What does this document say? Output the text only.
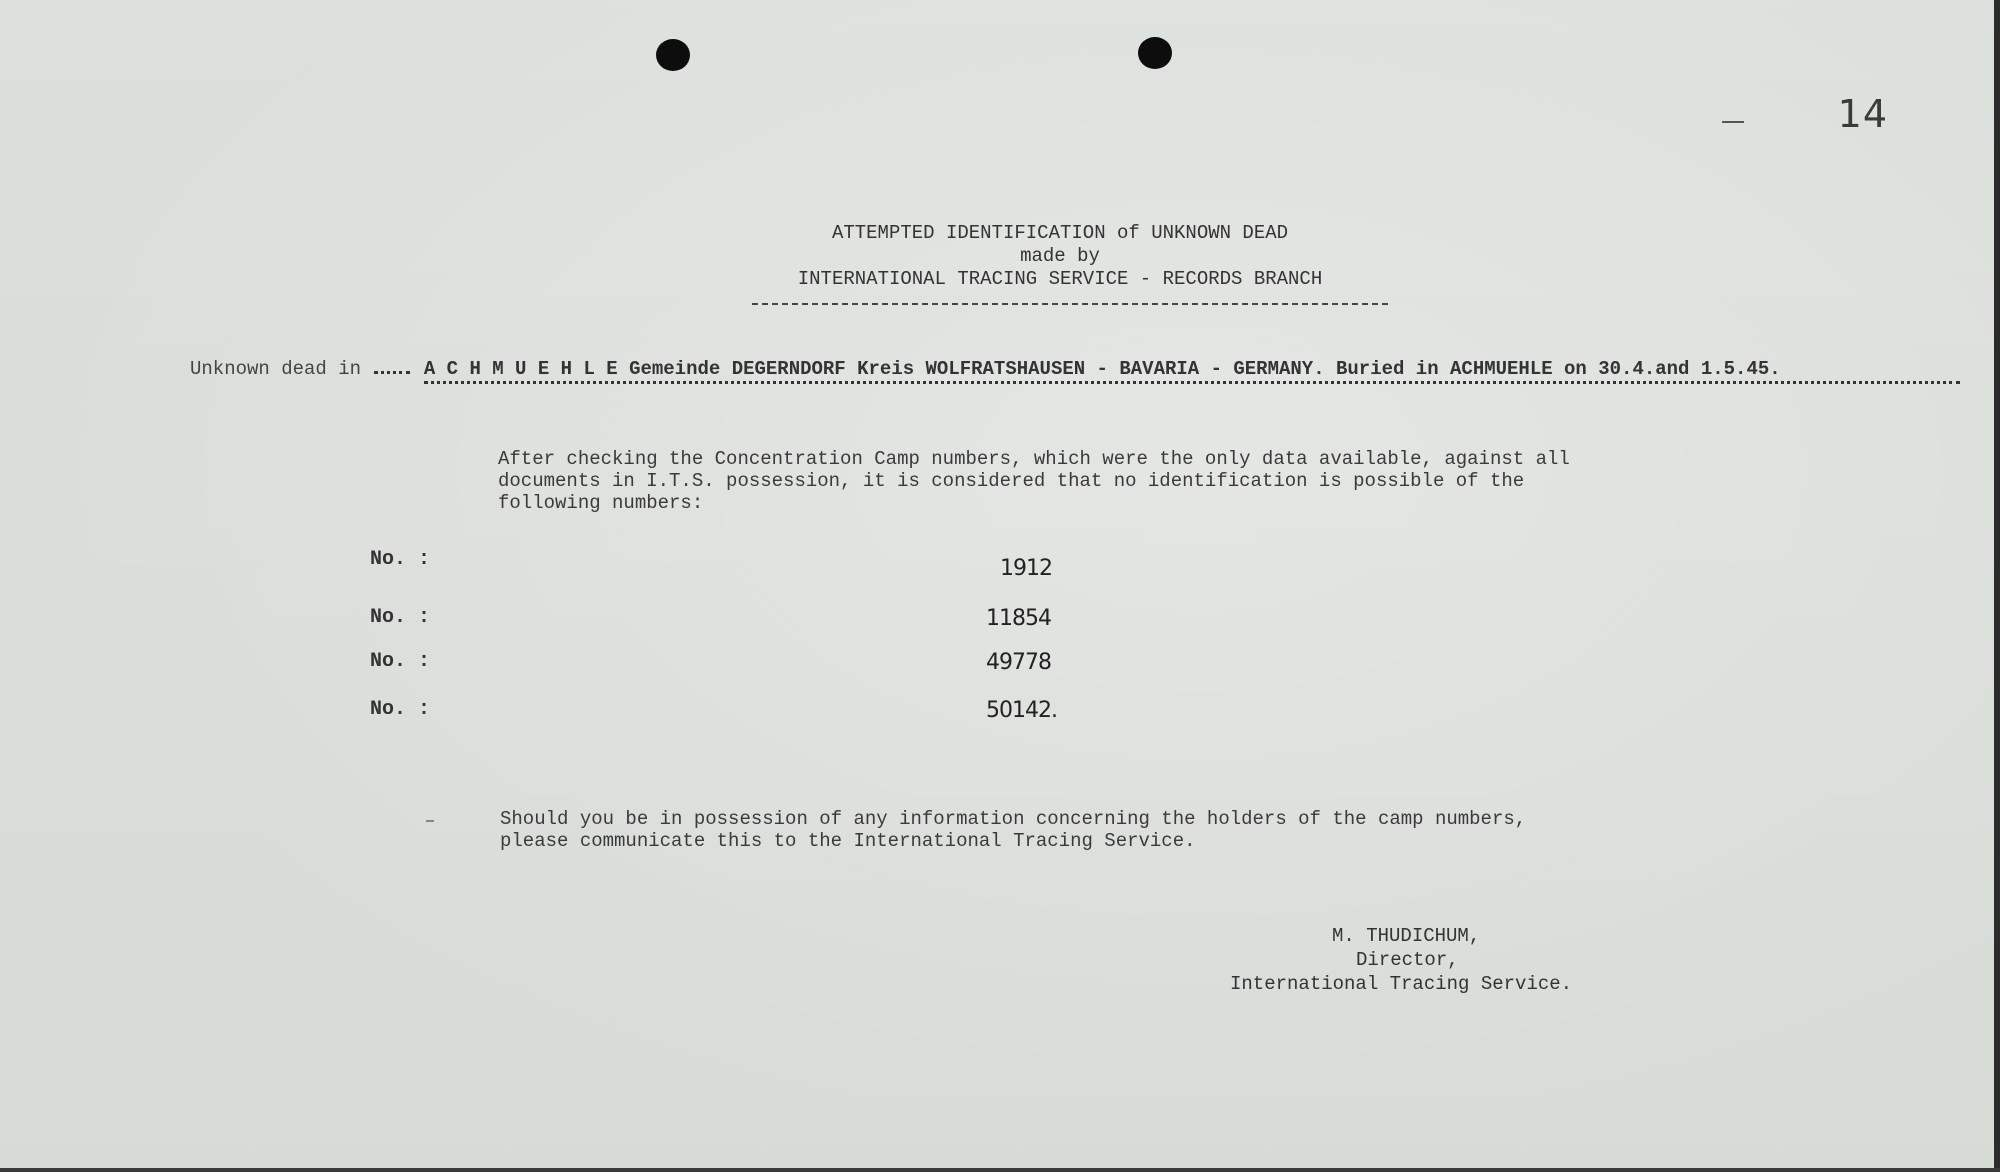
14
ATTEMPTED IDENTIFICATION of UNKNOWN DEAD
made by
INTERNATIONAL TRACING SERVICE - RECORDS BRANCH
Unknown dead in	A C H M U E H L E Gemeinde DEGERNDORF Kreis WOLFRATSHAUSEN - BAVARIA - GERMANY. Buried in ACHMUEHLE on 30.4.and 1.5.45.
After checking the Concentration Camp numbers, which were the only data available, against all
documents in I.T.S. possession, it is considered that no identification is possible of the
following numbers:
No. :	1912
No. :	11854
No. :	49778
No. :	50142.
Should you be in possession of any information concerning the holders of the camp numbers,
please communicate this to the International Tracing Service.
M. THUDICHUM,
Director,
International Tracing Service.
